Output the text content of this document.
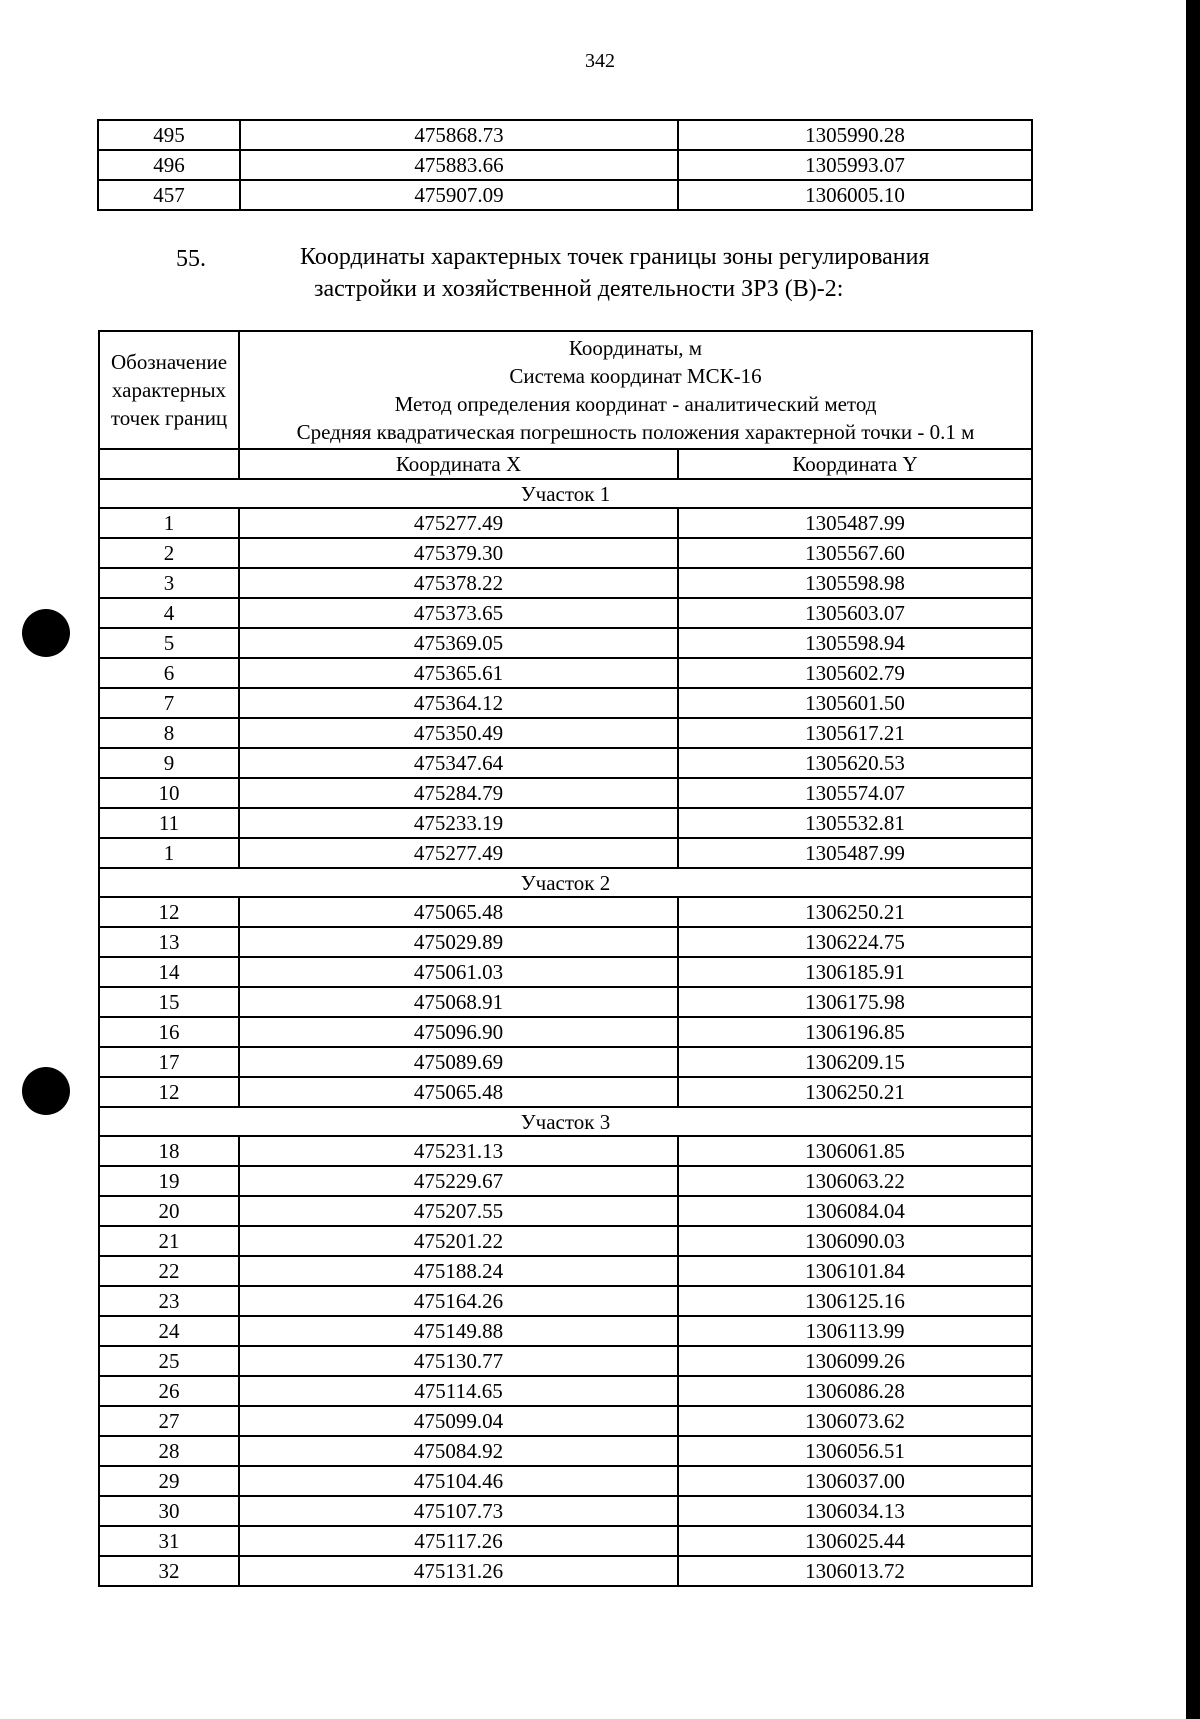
342
495	475868.73	1305990.28
496	475883.66	1305993.07
457	475907.09	1306005.10
55.	Координаты характерных точек границы зоны регулирования
застройки и хозяйственной деятельности ЗРЗ (В)-2:
Обозначение характерных точек границ	Координаты, м
Система координат МСК-16
Метод определения координат - аналитический метод
Средняя квадратическая погрешность положения характерной точки - 0.1 м	

	Координата X	Координата Y
Участок 1		
1	475277.49	1305487.99
2	475379.30	1305567.60
3	475378.22	1305598.98
4	475373.65	1305603.07
5	475369.05	1305598.94
6	475365.61	1305602.79
7	475364.12	1305601.50
8	475350.49	1305617.21
9	475347.64	1305620.53
10	475284.79	1305574.07
11	475233.19	1305532.81
1	475277.49	1305487.99
Участок 2		
12	475065.48	1306250.21
13	475029.89	1306224.75
14	475061.03	1306185.91
15	475068.91	1306175.98
16	475096.90	1306196.85
17	475089.69	1306209.15
12	475065.48	1306250.21
Участок 3		
18	475231.13	1306061.85
19	475229.67	1306063.22
20	475207.55	1306084.04
21	475201.22	1306090.03
22	475188.24	1306101.84
23	475164.26	1306125.16
24	475149.88	1306113.99
25	475130.77	1306099.26
26	475114.65	1306086.28
27	475099.04	1306073.62
28	475084.92	1306056.51
29	475104.46	1306037.00
30	475107.73	1306034.13
31	475117.26	1306025.44
32	475131.26	1306013.72
